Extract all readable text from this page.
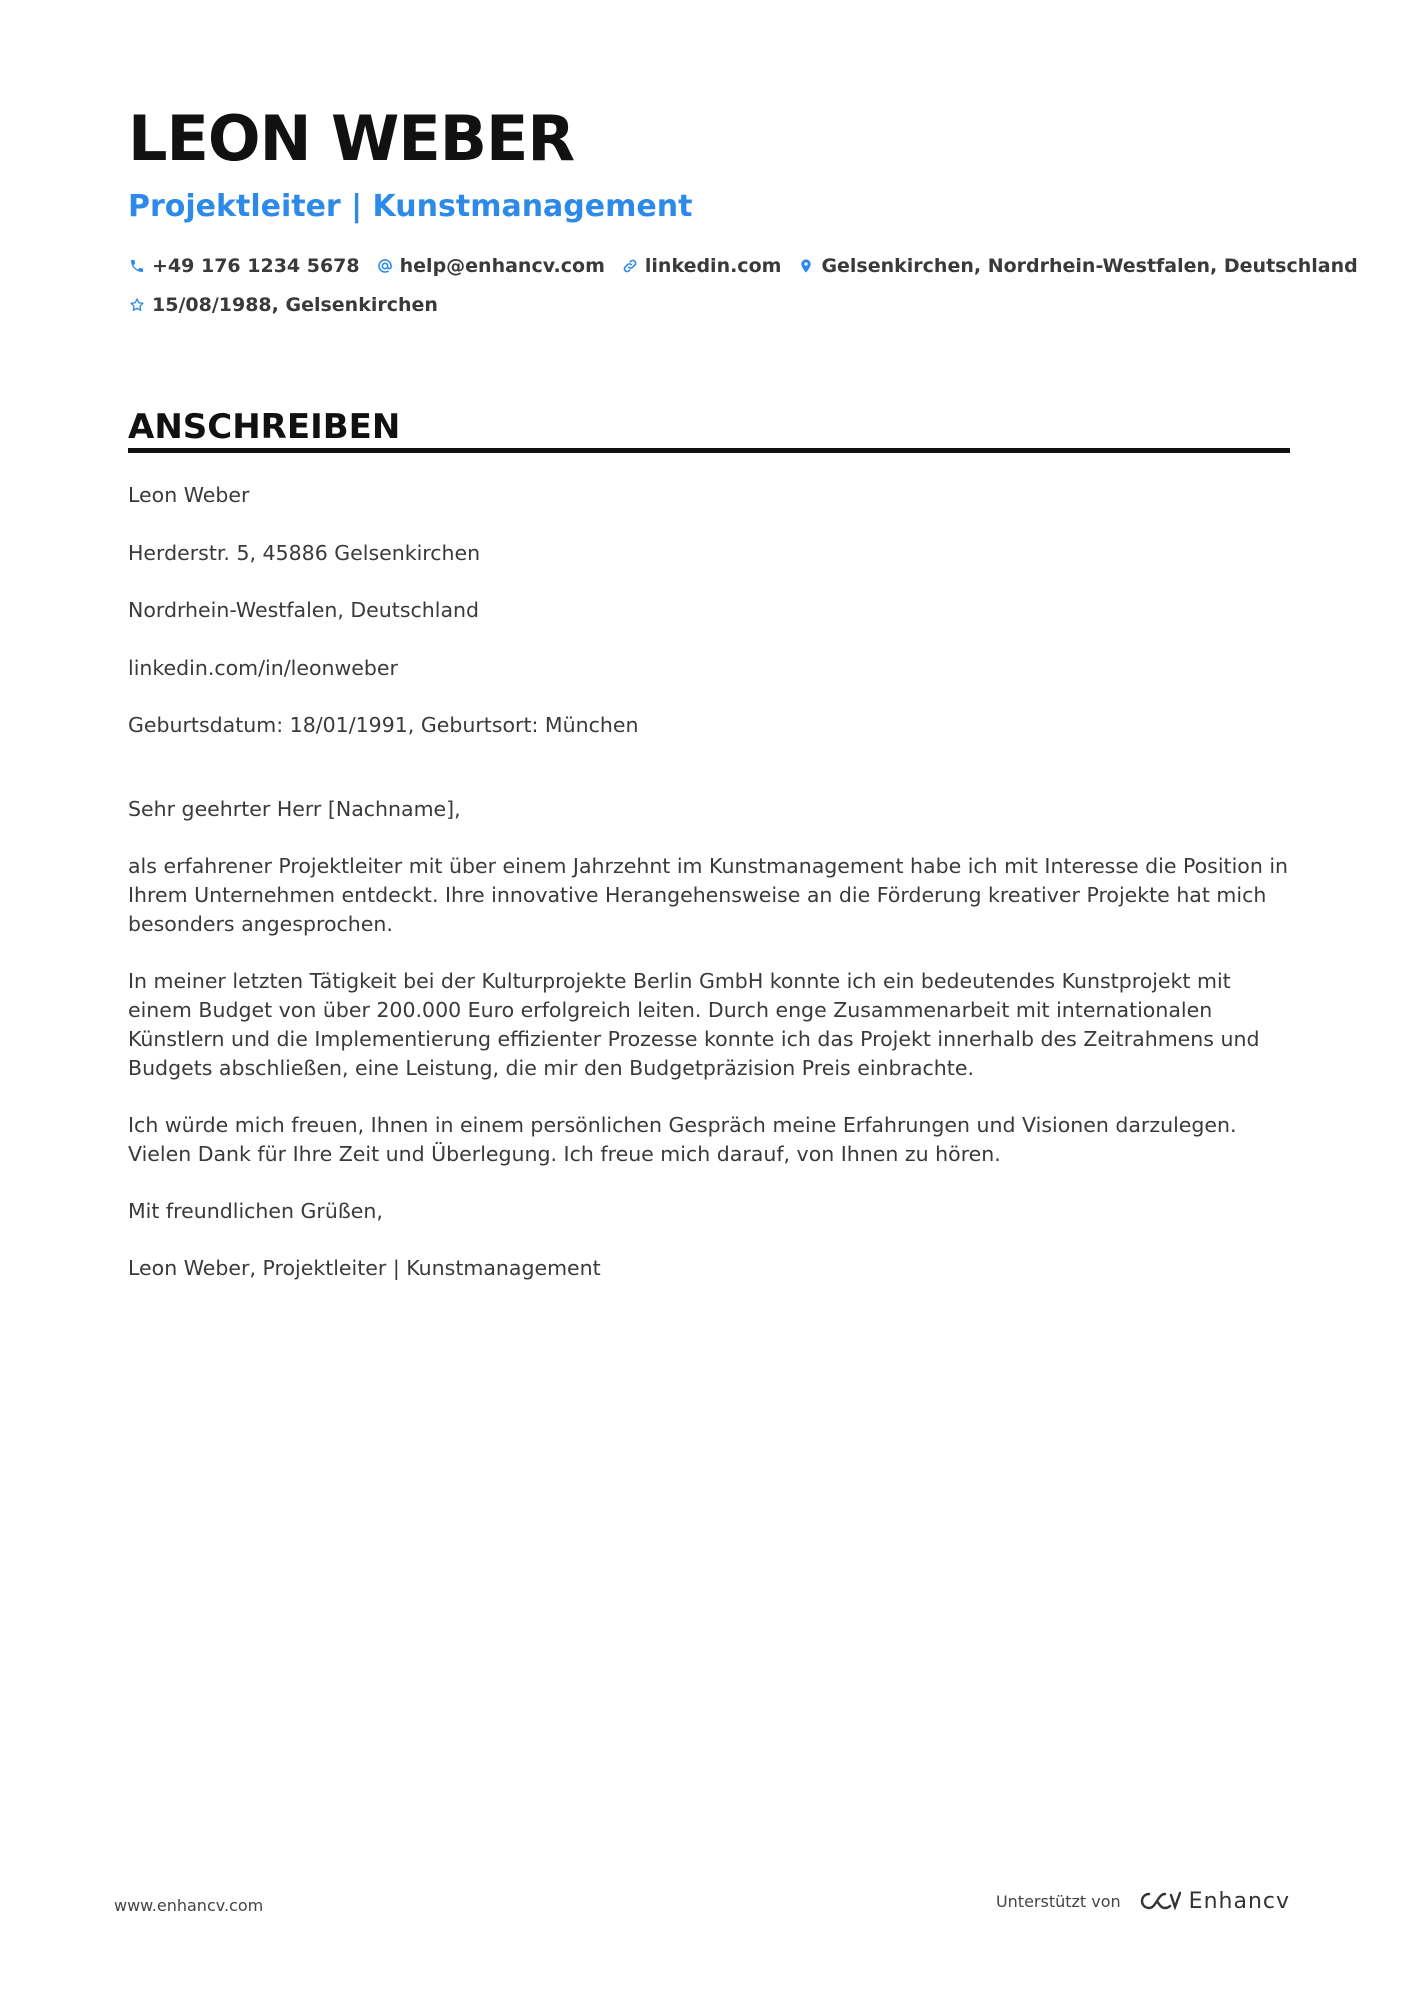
LEON WEBER
Projektleiter | Kunstmanagement
+49 176 1234 5678 help@enhancv.com linkedin.com Gelsenkirchen, Nordrhein-Westfalen, Deutschland
15/08/1988, Gelsenkirchen
ANSCHREIBEN

Leon Weber

Herderstr. 5, 45886 Gelsenkirchen

Nordrhein-Westfalen, Deutschland

linkedin.com/in/leonweber

Geburtsdatum: 18/01/1991, Geburtsort: München

Sehr geehrter Herr [Nachname],

als erfahrener Projektleiter mit über einem Jahrzehnt im Kunstmanagement habe ich mit Interesse die Position in Ihrem Unternehmen entdeckt. Ihre innovative Herangehensweise an die Förderung kreativer Projekte hat mich besonders angesprochen.

In meiner letzten Tätigkeit bei der Kulturprojekte Berlin GmbH konnte ich ein bedeutendes Kunstprojekt mit einem Budget von über 200.000 Euro erfolgreich leiten. Durch enge Zusammenarbeit mit internationalen Künstlern und die Implementierung effizienter Prozesse konnte ich das Projekt innerhalb des Zeitrahmens und Budgets abschließen, eine Leistung, die mir den Budgetpräzision Preis einbrachte.

Ich würde mich freuen, Ihnen in einem persönlichen Gespräch meine Erfahrungen und Visionen darzulegen. Vielen Dank für Ihre Zeit und Überlegung. Ich freue mich darauf, von Ihnen zu hören.

Mit freundlichen Grüßen,

Leon Weber, Projektleiter | Kunstmanagement

www.enhancv.com	Unterstützt von	Enhancv
